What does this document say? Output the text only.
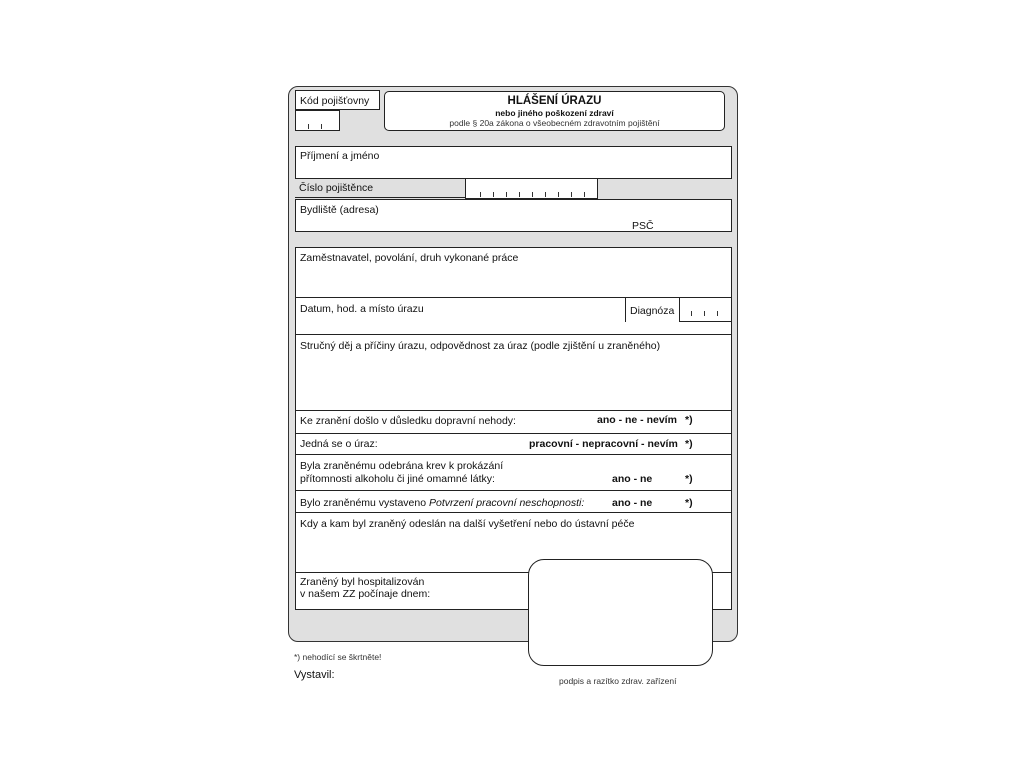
Kód pojišťovny	HLÁŠENÍ ÚRAZU
nebo jiného poškození zdraví
podle § 20a zákona o všeobecném zdravotním pojištění
Příjmení a jméno
Číslo pojištěnce
Bydliště (adresa)
PSČ
Zaměstnavatel, povolání, druh vykonané práce
Datum, hod. a místo úrazu	Diagnóza
Stručný děj a příčiny úrazu, odpovědnost za úraz (podle zjištění u zraněného)
Ke zranění došlo v důsledku dopravní nehody:	ano - ne - nevím *)
Jedná se o úraz:	pracovní - nepracovní - nevím *)
Byla zraněnému odebrána krev k prokázání
přítomnosti alkoholu či jiné omamné látky:	ano - ne	*)
Bylo zraněnému vystaveno Potvrzení pracovní neschopnosti:	ano - ne	*)
Kdy a kam byl zraněný odeslán na další vyšetření nebo do ústavní péče
Zraněný byl hospitalizován
v našem ZZ počínaje dnem:
*) nehodící se škrtněte!
Vystavil:	podpis a razítko zdrav. zařízení
